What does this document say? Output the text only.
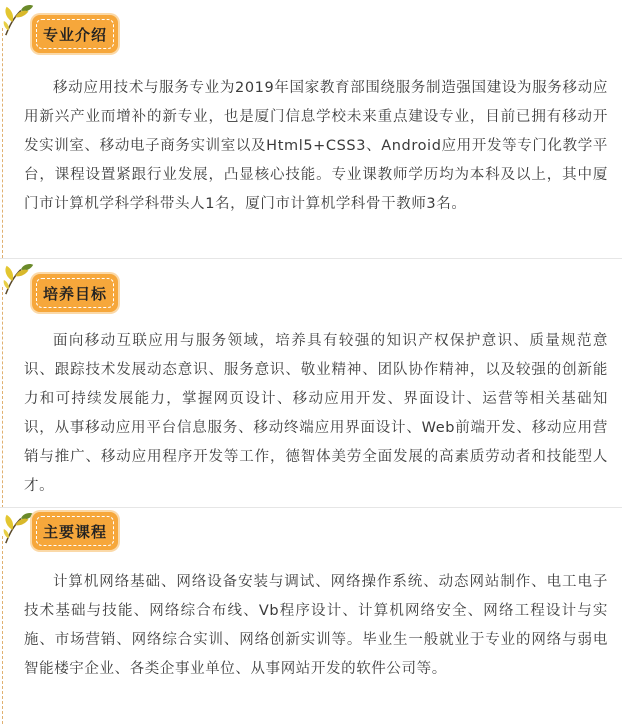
专业介绍

移动应用技术与服务专业为2019年国家教育部围绕服务制造强国建设为服务移动应用新兴产业而增补的新专业，也是厦门信息学校未来重点建设专业，目前已拥有移动开发实训室、移动电子商务实训室以及Html5+CSS3、Android应用开发等专门化教学平台，课程设置紧跟行业发展，凸显核心技能。专业课教师学历均为本科及以上，其中厦门市计算机学科学科带头人1名，厦门市计算机学科骨干教师3名。

培养目标

面向移动互联应用与服务领域，培养具有较强的知识产权保护意识、质量规范意识、跟踪技术发展动态意识、服务意识、敬业精神、团队协作精神，以及较强的创新能力和可持续发展能力，掌握网页设计、移动应用开发、界面设计、运营等相关基础知识，从事移动应用平台信息服务、移动终端应用界面设计、Web前端开发、移动应用营销与推广、移动应用程序开发等工作，德智体美劳全面发展的高素质劳动者和技能型人才。

主要课程

计算机网络基础、网络设备安装与调试、网络操作系统、动态网站制作、电工电子技术基础与技能、网络综合布线、Vb程序设计、计算机网络安全、网络工程设计与实施、市场营销、网络综合实训、网络创新实训等。毕业生一般就业于专业的网络与弱电智能楼宇企业、各类企事业单位、从事网站开发的软件公司等。
